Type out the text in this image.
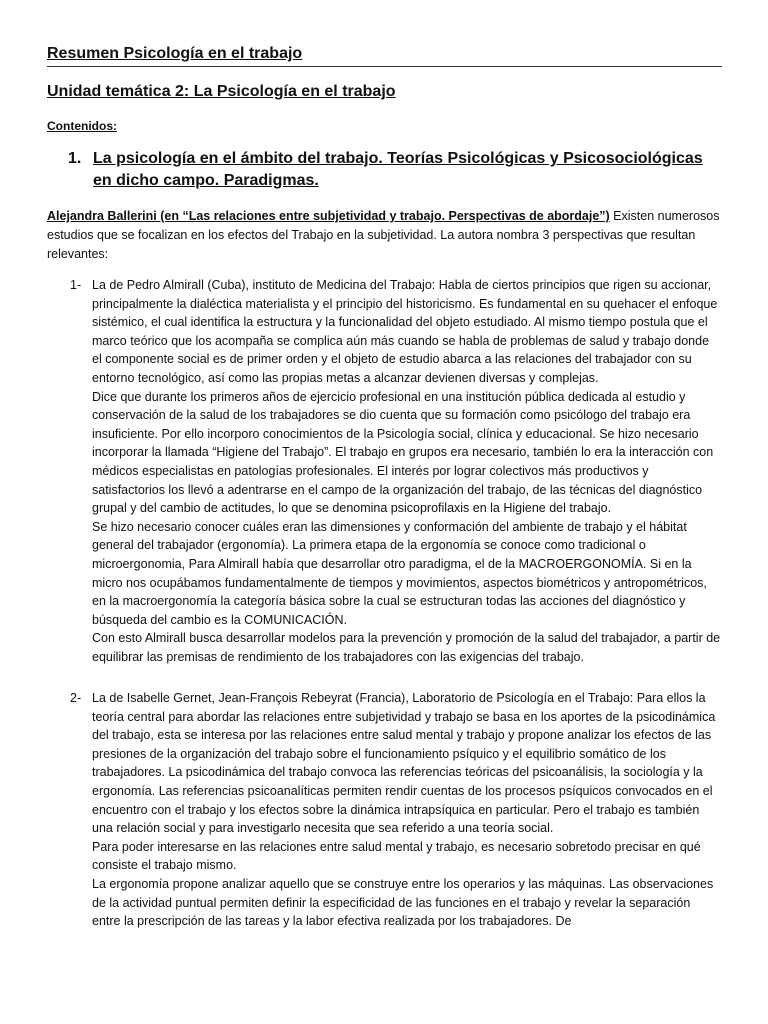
Resumen Psicología en el trabajo
Unidad temática 2: La Psicología en el trabajo
Contenidos:
1. La psicología en el ámbito del trabajo. Teorías Psicológicas y Psicosociológicas en dicho campo. Paradigmas.
Alejandra Ballerini (en “Las relaciones entre subjetividad y trabajo. Perspectivas de abordaje”) Existen numerosos estudios que se focalizan en los efectos del Trabajo en la subjetividad. La autora nombra 3 perspectivas que resultan relevantes:
1- La de Pedro Almirall (Cuba), instituto de Medicina del Trabajo: Habla de ciertos principios que rigen su accionar, principalmente la dialéctica materialista y el principio del historicismo. Es fundamental en su quehacer el enfoque sistémico, el cual identifica la estructura y la funcionalidad del objeto estudiado. Al mismo tiempo postula que el marco teórico que los acompaña se complica aún más cuando se habla de problemas de salud y trabajo donde el componente social es de primer orden y el objeto de estudio abarca a las relaciones del trabajador con su entorno tecnológico, así como las propias metas a alcanzar devienen diversas y complejas.

Dice que durante los primeros años de ejercicio profesional en una institución pública dedicada al estudio y conservación de la salud de los trabajadores se dio cuenta que su formación como psicólogo del trabajo era insuficiente. Por ello incorporo conocimientos de la Psicología social, clínica y educacional. Se hizo necesario incorporar la llamada “Higiene del Trabajo”. El trabajo en grupos era necesario, también lo era la interacción con médicos especialistas en patologías profesionales. El interés por lograr colectivos más productivos y satisfactorios los llevó a adentrarse en el campo de la organización del trabajo, de las técnicas del diagnóstico grupal y del cambio de actitudes, lo que se denomina psicoprofilaxis en la Higiene del trabajo.

Se hizo necesario conocer cuáles eran las dimensiones y conformación del ambiente de trabajo y el hábitat general del trabajador (ergonomía). La primera etapa de la ergonomía se conoce como tradicional o microergonomia, Para Almirall había que desarrollar otro paradigma, el de la MACROERGONOMÍA. Si en la micro nos ocupábamos fundamentalmente de tiempos y movimientos, aspectos biométricos y antropométricos, en la macroergonomía la categoría básica sobre la cual se estructuran todas las acciones del diagnóstico y búsqueda del cambio es la COMUNICACIÓN.

Con esto Almirall busca desarrollar modelos para la prevención y promoción de la salud del trabajador, a partir de equilibrar las premisas de rendimiento de los trabajadores con las exigencias del trabajo.

2- La de Isabelle Gernet, Jean-François Rebeyrat (Francia), Laboratorio de Psicología en el Trabajo: Para ellos la teoría central para abordar las relaciones entre subjetividad y trabajo se basa en los aportes de la psicodinámica del trabajo, esta se interesa por las relaciones entre salud mental y trabajo y propone analizar los efectos de las presiones de la organización del trabajo sobre el funcionamiento psíquico y el equilibrio somático de los trabajadores. La psicodinámica del trabajo convoca las referencias teóricas del psicoanálisis, la sociología y la ergonomía. Las referencias psicoanalíticas permiten rendir cuentas de los procesos psíquicos convocados en el encuentro con el trabajo y los efectos sobre la dinámica intrapsíquica en particular. Pero el trabajo es también una relación social y para investigarlo necesita que sea referido a una teoría social.

Para poder interesarse en las relaciones entre salud mental y trabajo, es necesario sobretodo precisar en qué consiste el trabajo mismo.

La ergonomía propone analizar aquello que se construye entre los operarios y las máquinas. Las observaciones de la actividad puntual permiten definir la especificidad de las funciones en el trabajo y revelar la separación entre la prescripción de las tareas y la labor efectiva realizada por los trabajadores. De
